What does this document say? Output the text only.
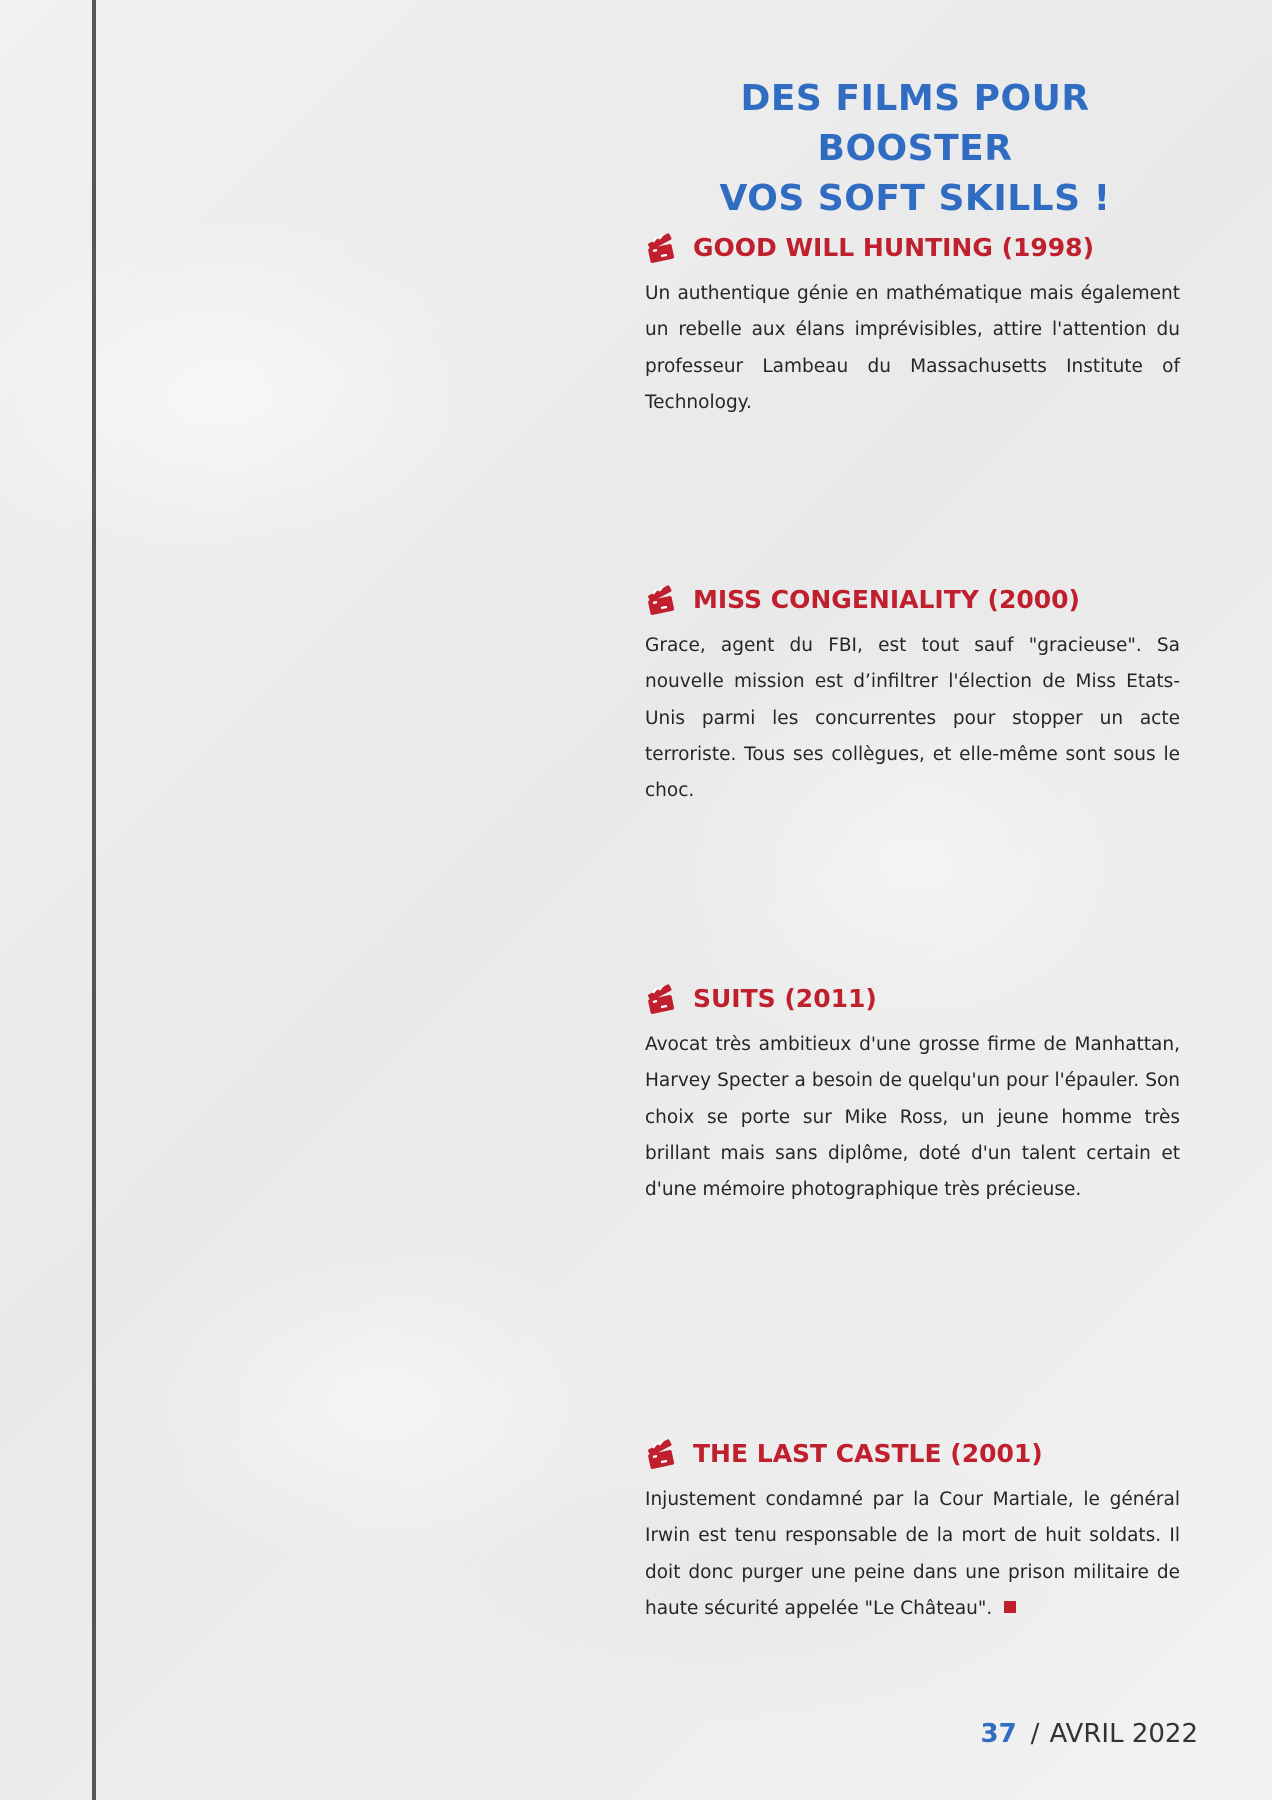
DES FILMS POUR BOOSTER
VOS SOFT SKILLS !
GOOD WILL HUNTING (1998)

Un authentique génie en mathématique mais également un rebelle aux élans imprévisibles, attire l'attention du professeur Lambeau du Massachusetts Institute of Technology.

MISS CONGENIALITY (2000)

Grace, agent du FBI, est tout sauf "gracieuse". Sa nouvelle mission est d’infiltrer l'élection de Miss Etats-Unis parmi les concurrentes pour stopper un acte terroriste. Tous ses collègues, et elle-même sont sous le choc.

SUITS (2011)

Avocat très ambitieux d'une grosse firme de Manhattan, Harvey Specter a besoin de quelqu'un pour l'épauler. Son choix se porte sur Mike Ross, un jeune homme très brillant mais sans diplôme, doté d'un talent certain et d'une mémoire photographique très précieuse.

THE LAST CASTLE (2001)

Injustement condamné par la Cour Martiale, le général Irwin est tenu responsable de la mort de huit soldats. Il doit donc purger une peine dans une prison militaire de haute sécurité appelée "Le Château".

37 / AVRIL 2022
